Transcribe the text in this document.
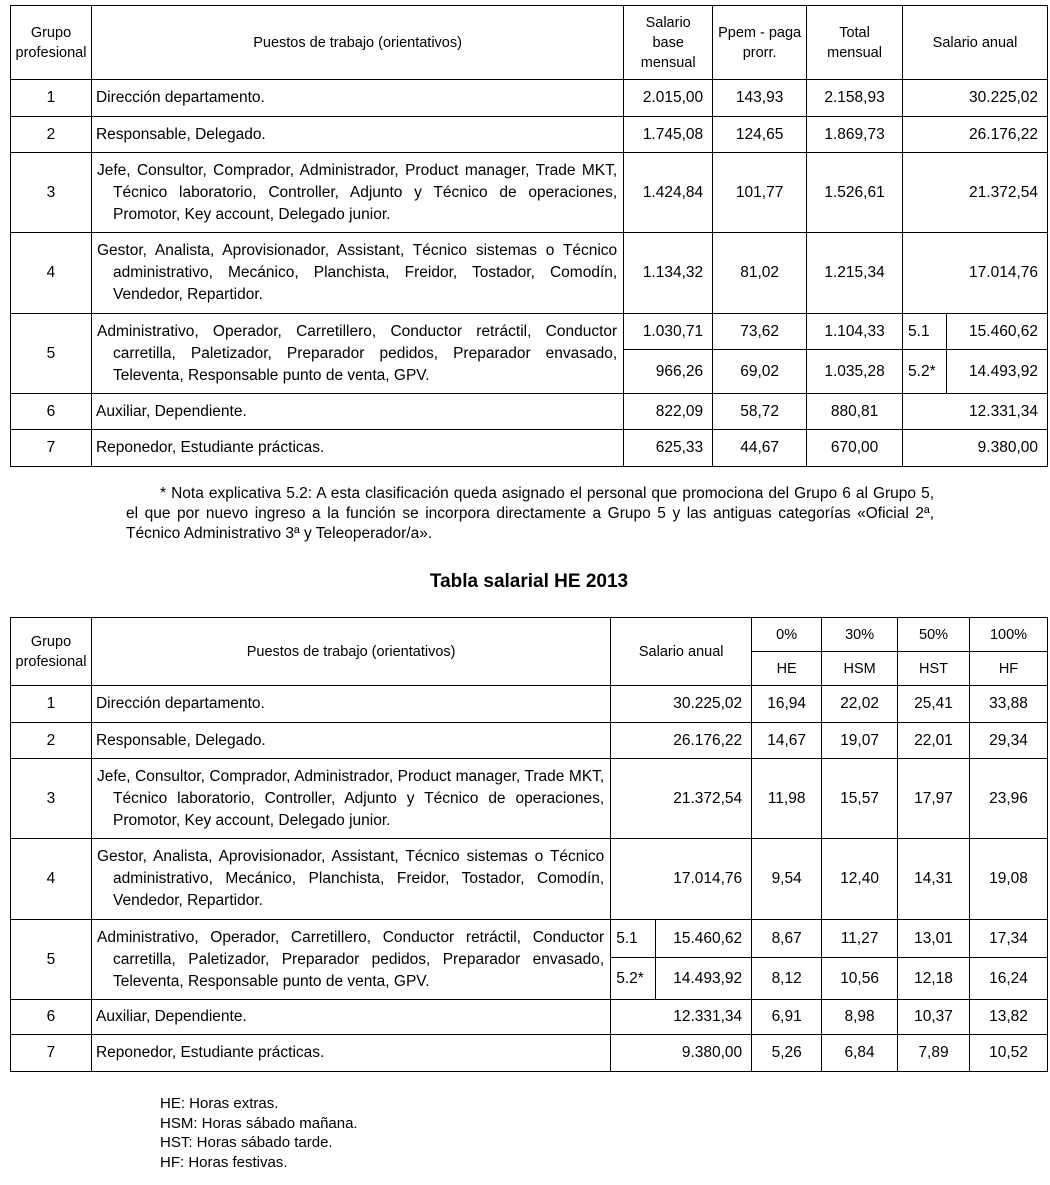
Grupo profesional	Puestos de trabajo (orientativos)	Salario base mensual	Ppem - paga prorr.	Total mensual	Salario anual	
1	Dirección departamento.	2.015,00	143,93	2.158,93	30.225,02	
2	Responsable, Delegado.	1.745,08	124,65	1.869,73	26.176,22	
3	Jefe, Consultor, Comprador, Administrador, Product manager, Trade MKT, Técnico laboratorio, Controller, Adjunto y Técnico de operaciones, Promotor, Key account, Delegado junior.	1.424,84	101,77	1.526,61	21.372,54	
4	Gestor, Analista, Aprovisionador, Assistant, Técnico sistemas o Técnico administrativo, Mecánico, Planchista, Freidor, Tostador, Comodín, Vendedor, Repartidor.	1.134,32	81,02	1.215,34	17.014,76	
5	Administrativo, Operador, Carretillero, Conductor retráctil, Conductor carretilla, Paletizador, Preparador pedidos, Preparador envasado, Televenta, Responsable punto de venta, GPV.	1.030,71	73,62	1.104,33	5.1	15.460,62
		966,26	69,02	1.035,28	5.2*	14.493,92
6	Auxiliar, Dependiente.	822,09	58,72	880,81	12.331,34	
7	Reponedor, Estudiante prácticas.	625,33	44,67	670,00	9.380,00	
* Nota explicativa 5.2: A esta clasificación queda asignado el personal que promociona del Grupo 6 al Grupo 5, el que por nuevo ingreso a la función se incorpora directamente a Grupo 5 y las antiguas categorías «Oficial 2ª, Técnico Administrativo 3ª y Teleoperador/a».
Tabla salarial HE 2013
Grupo profesional	Puestos de trabajo (orientativos)	Salario anual		0%	30%	50%	100%
				HE	HSM	HST	HF
1	Dirección departamento.	30.225,02		16,94	22,02	25,41	33,88
2	Responsable, Delegado.	26.176,22		14,67	19,07	22,01	29,34
3	Jefe, Consultor, Comprador, Administrador, Product manager, Trade MKT, Técnico laboratorio, Controller, Adjunto y Técnico de operaciones, Promotor, Key account, Delegado junior.	21.372,54		11,98	15,57	17,97	23,96
4	Gestor, Analista, Aprovisionador, Assistant, Técnico sistemas o Técnico administrativo, Mecánico, Planchista, Freidor, Tostador, Comodín, Vendedor, Repartidor.	17.014,76		9,54	12,40	14,31	19,08
5	Administrativo, Operador, Carretillero, Conductor retráctil, Conductor carretilla, Paletizador, Preparador pedidos, Preparador envasado, Televenta, Responsable punto de venta, GPV.	5.1	15.460,62	8,67	11,27	13,01	17,34
		5.2*	14.493,92	8,12	10,56	12,18	16,24
6	Auxiliar, Dependiente.	12.331,34		6,91	8,98	10,37	13,82
7	Reponedor, Estudiante prácticas.	9.380,00		5,26	6,84	7,89	10,52
HE: Horas extras.
HSM: Horas sábado mañana.
HST: Horas sábado tarde.
HF: Horas festivas.
